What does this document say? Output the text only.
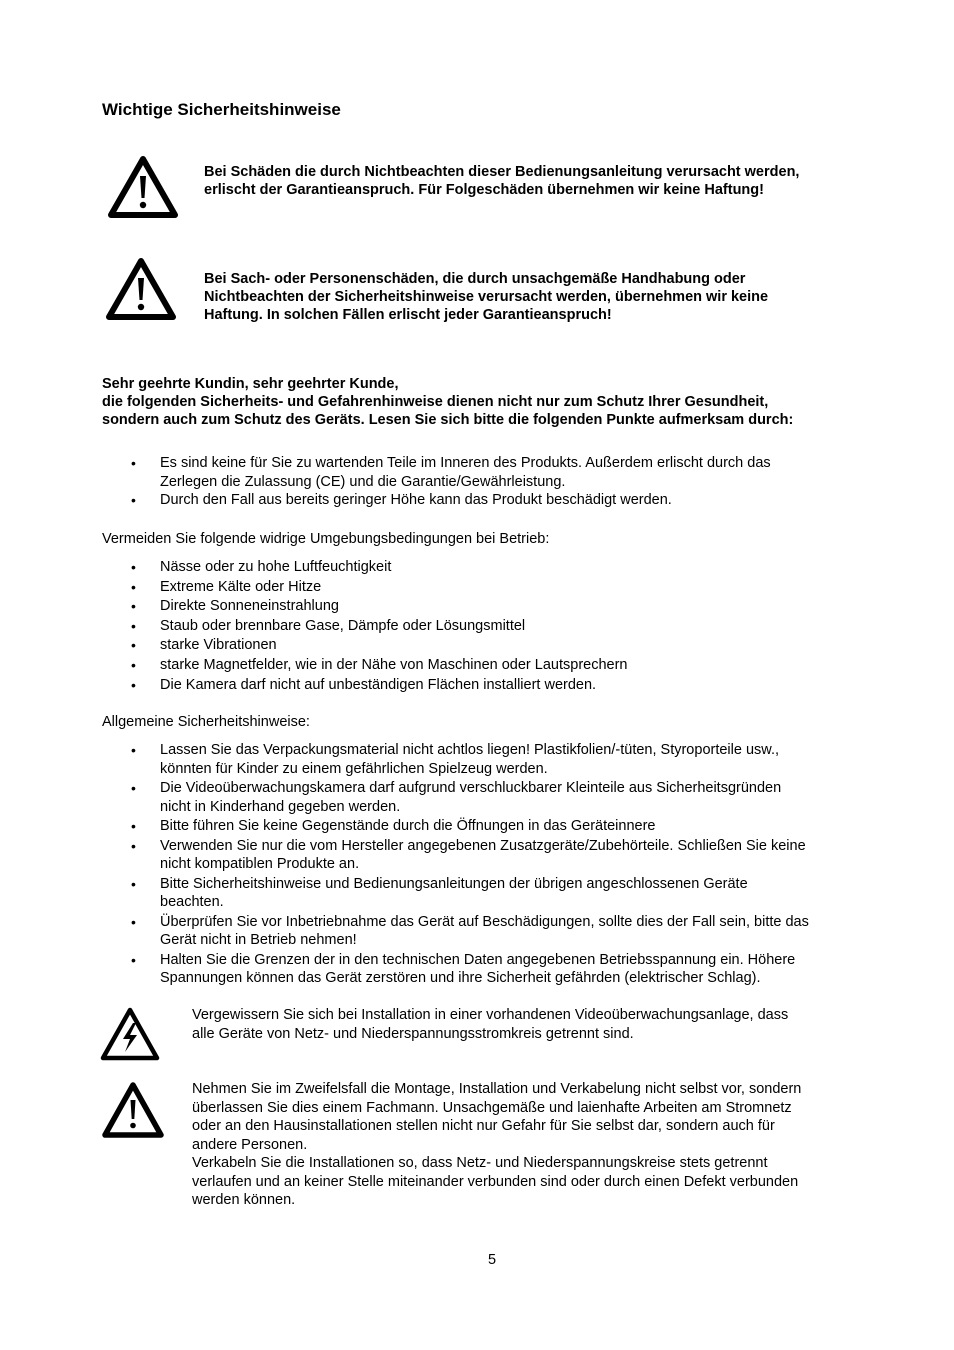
Wichtige Sicherheitshinweise
Bei Schäden die durch Nichtbeachten dieser Bedienungsanleitung verursacht werden,
erlischt der Garantieanspruch. Für Folgeschäden übernehmen wir keine Haftung!
Bei Sach- oder Personenschäden, die durch unsachgemäße Handhabung oder
Nichtbeachten der Sicherheitshinweise verursacht werden, übernehmen wir keine
Haftung. In solchen Fällen erlischt jeder Garantieanspruch!
Sehr geehrte Kundin, sehr geehrter Kunde,
die folgenden Sicherheits- und Gefahrenhinweise dienen nicht nur zum Schutz Ihrer Gesundheit,
sondern auch zum Schutz des Geräts. Lesen Sie sich bitte die folgenden Punkte aufmerksam durch:
• Es sind keine für Sie zu wartenden Teile im Inneren des Produkts. Außerdem erlischt durch das
Zerlegen die Zulassung (CE) und die Garantie/Gewährleistung.
• Durch den Fall aus bereits geringer Höhe kann das Produkt beschädigt werden.
Vermeiden Sie folgende widrige Umgebungsbedingungen bei Betrieb:
• Nässe oder zu hohe Luftfeuchtigkeit
• Extreme Kälte oder Hitze
• Direkte Sonneneinstrahlung
• Staub oder brennbare Gase, Dämpfe oder Lösungsmittel
• starke Vibrationen
• starke Magnetfelder, wie in der Nähe von Maschinen oder Lautsprechern
• Die Kamera darf nicht auf unbeständigen Flächen installiert werden.
Allgemeine Sicherheitshinweise:
• Lassen Sie das Verpackungsmaterial nicht achtlos liegen! Plastikfolien/-tüten, Styroporteile usw.,
könnten für Kinder zu einem gefährlichen Spielzeug werden.
• Die Videoüberwachungskamera darf aufgrund verschluckbarer Kleinteile aus Sicherheitsgründen
nicht in Kinderhand gegeben werden.
• Bitte führen Sie keine Gegenstände durch die Öffnungen in das Geräteinnere
• Verwenden Sie nur die vom Hersteller angegebenen Zusatzgeräte/Zubehörteile. Schließen Sie keine
nicht kompatiblen Produkte an.
• Bitte Sicherheitshinweise und Bedienungsanleitungen der übrigen angeschlossenen Geräte
beachten.
• Überprüfen Sie vor Inbetriebnahme das Gerät auf Beschädigungen, sollte dies der Fall sein, bitte das
Gerät nicht in Betrieb nehmen!
• Halten Sie die Grenzen der in den technischen Daten angegebenen Betriebsspannung ein. Höhere
Spannungen können das Gerät zerstören und ihre Sicherheit gefährden (elektrischer Schlag).
Vergewissern Sie sich bei Installation in einer vorhandenen Videoüberwachungsanlage, dass
alle Geräte von Netz- und Niederspannungsstromkreis getrennt sind.
Nehmen Sie im Zweifelsfall die Montage, Installation und Verkabelung nicht selbst vor, sondern
überlassen Sie dies einem Fachmann. Unsachgemäße und laienhafte Arbeiten am Stromnetz
oder an den Hausinstallationen stellen nicht nur Gefahr für Sie selbst dar, sondern auch für
andere Personen.
Verkabeln Sie die Installationen so, dass Netz- und Niederspannungskreise stets getrennt
verlaufen und an keiner Stelle miteinander verbunden sind oder durch einen Defekt verbunden
werden können.
5
